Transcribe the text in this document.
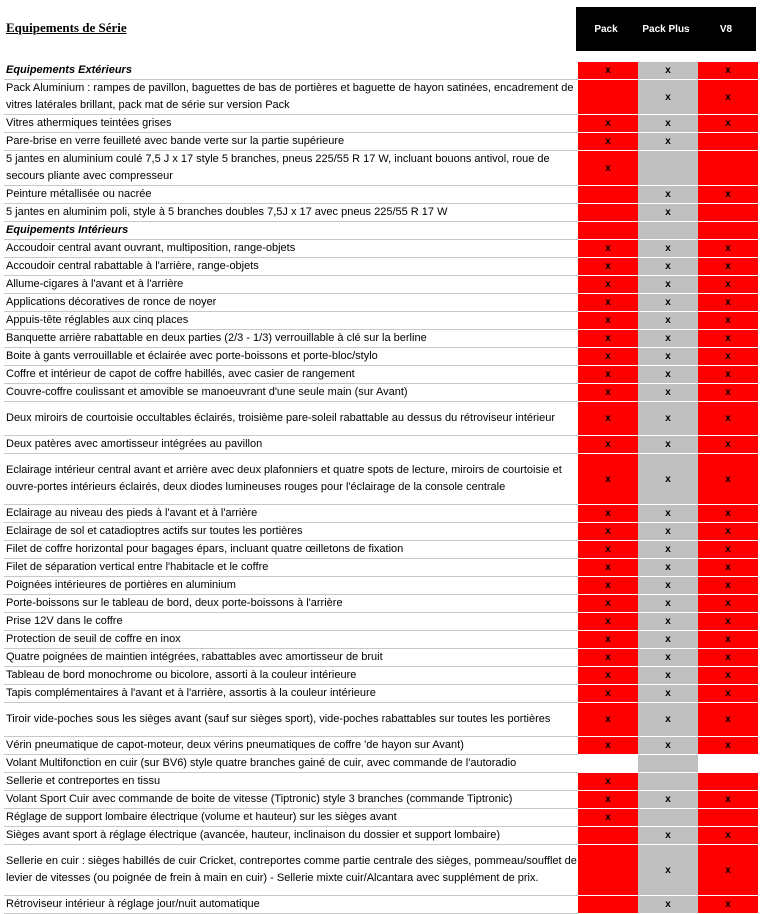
Equipements de Série	Pack	Pack Plus	V8
Equipements Extérieurs	x	x	x
Pack Aluminium : rampes de pavillon, baguettes de bas de portières et baguette de hayon satinées, encadrement de vitres latérales brillant, pack mat de série sur version Pack		x	x
Vitres athermiques teintées grises	x	x	x
Pare-brise en verre feuilleté avec bande verte sur la partie supérieure	x	x	
5 jantes en aluminium coulé 7,5 J x 17 style 5 branches, pneus 225/55 R 17 W, incluant bouons antivol, roue de secours pliante avec compresseur	x		
Peinture métallisée ou nacrée		x	x
5 jantes en aluminim poli, style à 5 branches doubles 7,5J x 17 avec pneus 225/55 R 17 W		x	
Equipements Intérieurs			
Accoudoir central avant ouvrant, multiposition, range-objets	x	x	x
Accoudoir central rabattable à l'arrière, range-objets	x	x	x
Allume-cigares à l'avant et à l'arrière	x	x	x
Applications décoratives de ronce de noyer	x	x	x
Appuis-tête réglables aux cinq places	x	x	x
Banquette arrière rabattable en deux parties (2/3 - 1/3) verrouillable à clé sur la berline	x	x	x
Boite à gants verrouillable et éclairée avec porte-boissons et porte-bloc/stylo	x	x	x
Coffre et intérieur de capot de coffre habillés, avec casier de rangement	x	x	x
Couvre-coffre coulissant et amovible se manoeuvrant d'une seule main (sur Avant)	x	x	x
Deux miroirs de courtoisie occultables éclairés, troisième pare-soleil rabattable au dessus du rétroviseur intérieur	x	x	x
Deux patères avec amortisseur intégrées au pavillon	x	x	x
Eclairage intérieur central avant et arrière avec deux plafonniers et quatre spots de lecture, miroirs de courtoisie et ouvre-portes intérieurs éclairés, deux diodes lumineuses rouges pour l'éclairage de la console centrale	x	x	x
Eclairage au niveau des pieds à l'avant et à l'arrière	x	x	x
Eclairage de sol et catadioptres actifs sur toutes les portières	x	x	x
Filet de coffre horizontal pour bagages épars, incluant quatre œilletons de fixation	x	x	x
Filet de séparation vertical entre l'habitacle et le coffre	x	x	x
Poignées intérieures de portières en aluminium	x	x	x
Porte-boissons sur le tableau de bord, deux porte-boissons à l'arrière	x	x	x
Prise 12V dans le coffre	x	x	x
Protection de seuil de coffre en inox	x	x	x
Quatre poignées de maintien intégrées, rabattables avec amortisseur de bruit	x	x	x
Tableau de bord monochrome ou bicolore, assorti à la couleur intérieure	x	x	x
Tapis complémentaires à l'avant et à l'arrière, assortis à la couleur intérieure	x	x	x
Tiroir vide-poches sous les sièges avant (sauf sur sièges sport), vide-poches rabattables sur toutes les portières	x	x	x
Vérin pneumatique de capot-moteur, deux vérins pneumatiques de coffre 'de hayon sur Avant)	x	x	x
Volant Multifonction en cuir (sur BV6) style quatre branches gainé de cuir, avec commande de l'autoradio			
Sellerie et contreportes en tissu	x		
Volant Sport Cuir avec commande de boite de vitesse (Tiptronic) style 3 branches (commande Tiptronic)	x	x	x
Réglage de support lombaire électrique (volume et hauteur) sur les sièges avant	x		
Sièges avant sport à réglage électrique (avancée, hauteur, inclinaison du dossier et support lombaire)		x	x
Sellerie en cuir : sièges habillés de cuir Cricket, contreportes comme partie centrale des sièges, pommeau/soufflet de levier de vitesses (ou poignée de frein à main en cuir) - Sellerie mixte cuir/Alcantara avec supplément de prix.		x	x
Rétroviseur intérieur à réglage jour/nuit automatique		x	x
